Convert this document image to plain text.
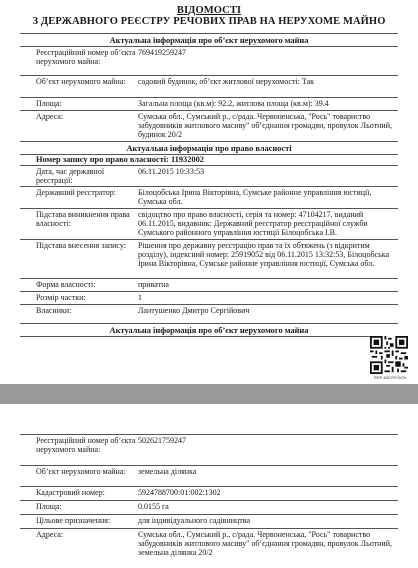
ВІДОМОСТІ
З ДЕРЖАВНОГО РЕЄСТРУ РЕЧОВИХ ПРАВ НА НЕРУХОМЕ МАЙНО
Актуальна інформація про об’єкт нерухомого майна
Реєстраційний номер об’єкта нерухомого майна:
769419259247
Об’єкт нерухомого майна:	садовий будинок, об’єкт житлової нерухомості: Так
Площа:	Загальна площа (кв.м): 92.2, житлова площа (кв.м): 39.4
Адреса:	Сумська обл., Сумський р., с/рада. Червоненська, "Рось" товариство забудовників житлового масиву" об’єднання громадян, провулок Льотний, будинок 20/2
Актуальна інформація про право власності
Номер запису про право власності: 11932002
Дата, час державної реєстрації:
06.11.2015 10:33:53
Державний реєстратор:	Білоцобська Ірина Вікторівна, Сумське районне управління юстиції, Сумська обл.
Підстава виникнення права власності:
свідоцтво про право власності, серія та номер: 47104217, виданий 06.11.2015, видавник: Державний реєстратор реєстраційної служби Сумського районного управління юстиції Білоцобська І.В.
Підстава внесення запису:	Рішення про державну реєстрацію прав та їх обтяжень (з відкритим розділу), індексний номер: 25919052 від 06.11.2015 13:32:53, Білоцобська Ірина Вікторівна, Сумське районне управління юстиції, Сумська обл.
Форма власності:	приватна
Розмір частки:	1
Власники:	Лантушенко Дмитро Сергійович
Актуальна інформація про об’єкт нерухомого майна
RRP-6007PC0CN
Реєстраційний номер об’єкта нерухомого майна:
502621759247
Об’єкт нерухомого майна:	земельна ділянка
Кадастровий номер:	5924788700:01:002:1302
Площа:	0.0155 га
Цільове призначення:	для індивідуального садівництва
Адреса:	Сумська обл., Сумський р., с/рада. Червоненська, "Рось" товариство забудовників житлового масиву" об’єднання громадян, провулок Льотний, земельна ділянка 20/2
